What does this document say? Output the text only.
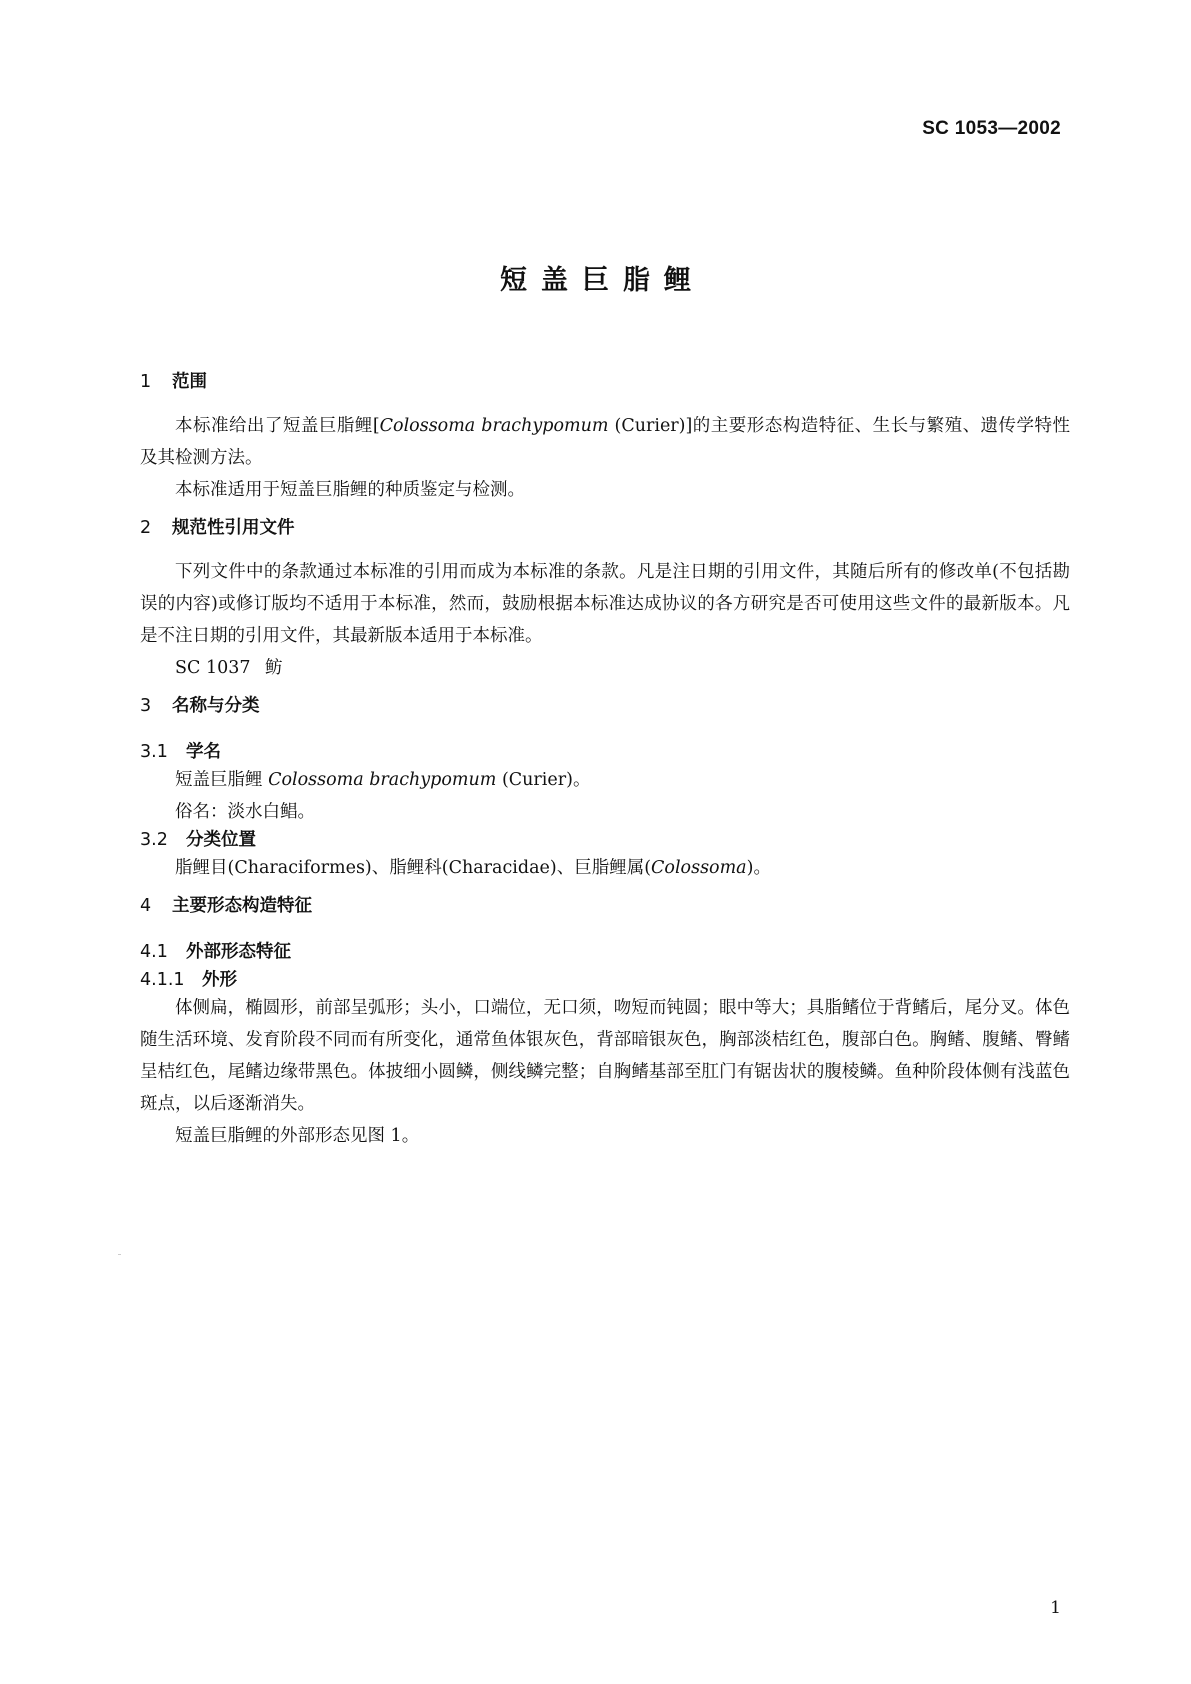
SC 1053—2002
短盖巨脂鲤
1	范围

本标准给出了短盖巨脂鲤[Colossoma brachypomum (Curier)]的主要形态构造特征、生长与繁殖、遗传学特性及其检测方法。

本标准适用于短盖巨脂鲤的种质鉴定与检测。

2	规范性引用文件

下列文件中的条款通过本标准的引用而成为本标准的条款。凡是注日期的引用文件，其随后所有的修改单(不包括勘误的内容)或修订版均不适用于本标准，然而，鼓励根据本标准达成协议的各方研究是否可使用这些文件的最新版本。凡是不注日期的引用文件，其最新版本适用于本标准。

SC 1037 鲂

3	名称与分类
3.1	学名

短盖巨脂鲤 Colossoma brachypomum (Curier)。

俗名：淡水白鲳。

3.2	分类位置

脂鲤目(Characiformes)、脂鲤科(Characidae)、巨脂鲤属(Colossoma)。

4	主要形态构造特征
4.1	外部形态特征
4.1.1 外形

体侧扁，椭圆形，前部呈弧形；头小，口端位，无口须，吻短而钝圆；眼中等大；具脂鳍位于背鳍后，尾分叉。体色随生活环境、发育阶段不同而有所变化，通常鱼体银灰色，背部暗银灰色，胸部淡桔红色，腹部白色。胸鳍、腹鳍、臀鳍呈桔红色，尾鳍边缘带黑色。体披细小圆鳞，侧线鳞完整；自胸鳍基部至肛门有锯齿状的腹棱鳞。鱼种阶段体侧有浅蓝色斑点，以后逐渐消失。

短盖巨脂鲤的外部形态见图 1。

1
